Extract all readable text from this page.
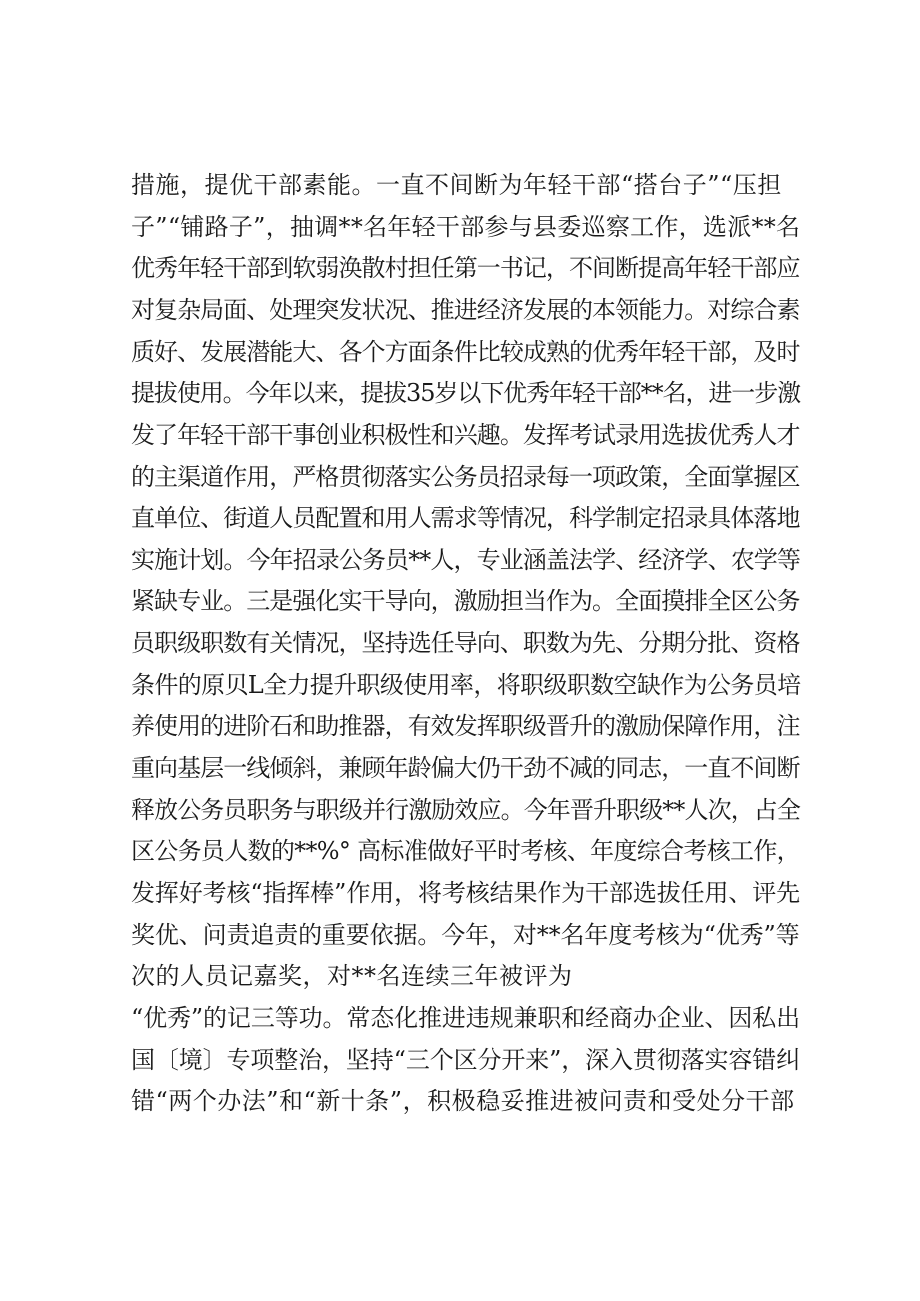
措施，提优干部素能。一直不间断为年轻干部“搭台子”“压担
子”“铺路子”，抽调**名年轻干部参与县委巡察工作，选派**名
优秀年轻干部到软弱涣散村担任第一书记，不间断提高年轻干部应
对复杂局面、处理突发状况、推进经济发展的本领能力。对综合素
质好、发展潜能大、各个方面条件比较成熟的优秀年轻干部，及时
提拔使用。今年以来，提拔35岁以下优秀年轻干部**名，进一步激
发了年轻干部干事创业积极性和兴趣。发挥考试录用选拔优秀人才
的主渠道作用，严格贯彻落实公务员招录每一项政策，全面掌握区
直单位、街道人员配置和用人需求等情况，科学制定招录具体落地
实施计划。今年招录公务员**人，专业涵盖法学、经济学、农学等
紧缺专业。三是强化实干导向，激励担当作为。全面摸排全区公务
员职级职数有关情况，坚持选任导向、职数为先、分期分批、资格
条件的原贝L全力提升职级使用率，将职级职数空缺作为公务员培
养使用的进阶石和助推器，有效发挥职级晋升的激励保障作用，注
重向基层一线倾斜，兼顾年龄偏大仍干劲不减的同志，一直不间断
释放公务员职务与职级并行激励效应。今年晋升职级**人次，占全
区公务员人数的**%° 高标准做好平时考核、年度综合考核工作，
发挥好考核“指挥棒”作用，将考核结果作为干部选拔任用、评先
奖优、问责追责的重要依据。今年，对**名年度考核为“优秀”等
次的人员记嘉奖，对**名连续三年被评为
“优秀”的记三等功。常态化推进违规兼职和经商办企业、因私出
国〔境〕专项整治，坚持“三个区分开来”，深入贯彻落实容错纠
错“两个办法”和“新十条”，积极稳妥推进被问责和受处分干部
